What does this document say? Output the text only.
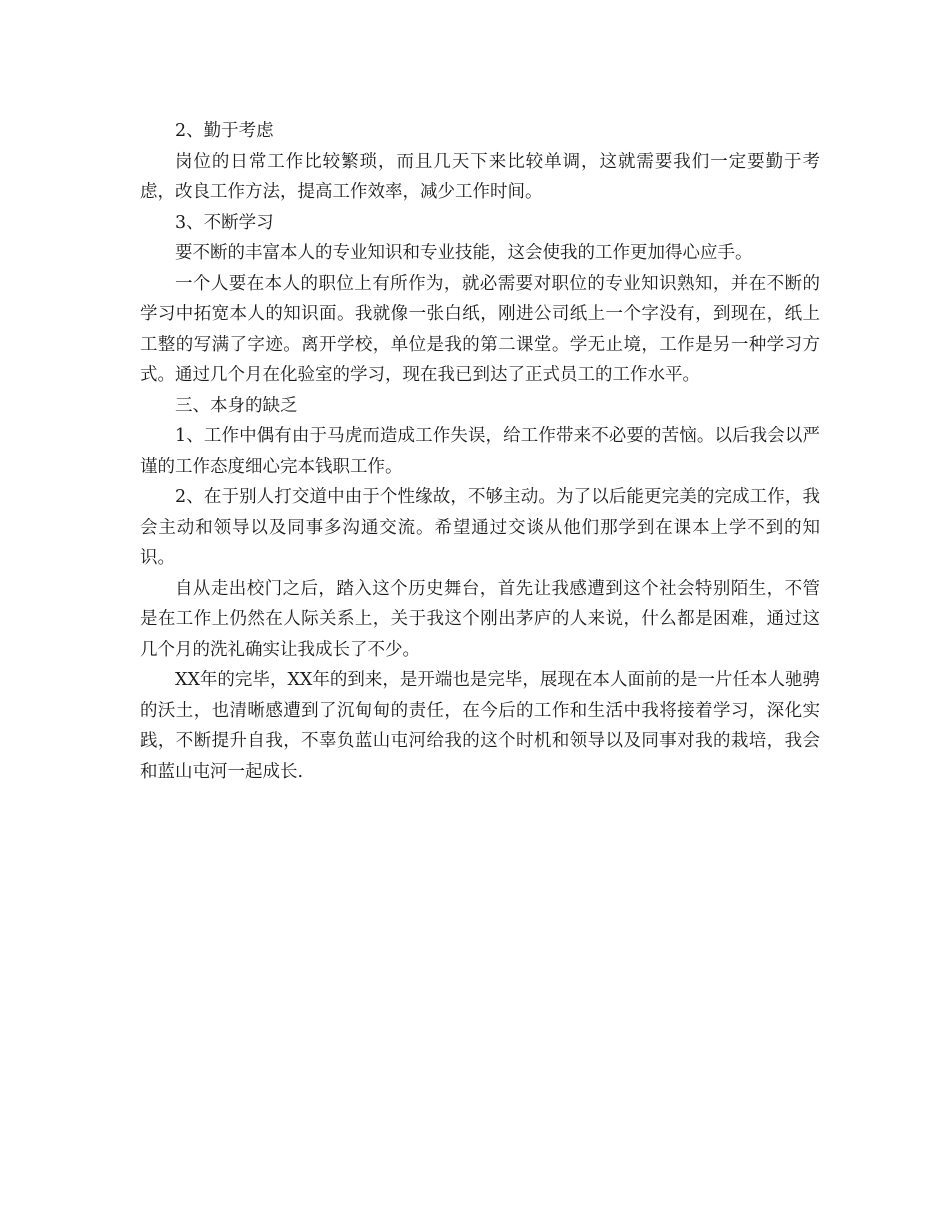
2、勤于考虑

岗位的日常工作比较繁琐，而且几天下来比较单调，这就需要我们一定要勤于考虑，改良工作方法，提高工作效率，减少工作时间。

3、不断学习

要不断的丰富本人的专业知识和专业技能，这会使我的工作更加得心应手。

一个人要在本人的职位上有所作为，就必需要对职位的专业知识熟知，并在不断的学习中拓宽本人的知识面。我就像一张白纸，刚进公司纸上一个字没有，到现在，纸上工整的写满了字迹。离开学校，单位是我的第二课堂。学无止境，工作是另一种学习方式。通过几个月在化验室的学习，现在我已到达了正式员工的工作水平。

三、本身的缺乏

1、工作中偶有由于马虎而造成工作失误，给工作带来不必要的苦恼。以后我会以严谨的工作态度细心完本钱职工作。

2、在于别人打交道中由于个性缘故，不够主动。为了以后能更完美的完成工作，我会主动和领导以及同事多沟通交流。希望通过交谈从他们那学到在课本上学不到的知识。

自从走出校门之后，踏入这个历史舞台，首先让我感遭到这个社会特别陌生，不管是在工作上仍然在人际关系上，关于我这个刚出茅庐的人来说，什么都是困难，通过这几个月的洗礼确实让我成长了不少。

XX年的完毕，XX年的到来，是开端也是完毕，展现在本人面前的是一片任本人驰骋的沃土，也清晰感遭到了沉甸甸的责任，在今后的工作和生活中我将接着学习，深化实践，不断提升自我，不辜负蓝山屯河给我的这个时机和领导以及同事对我的栽培，我会和蓝山屯河一起成长.
